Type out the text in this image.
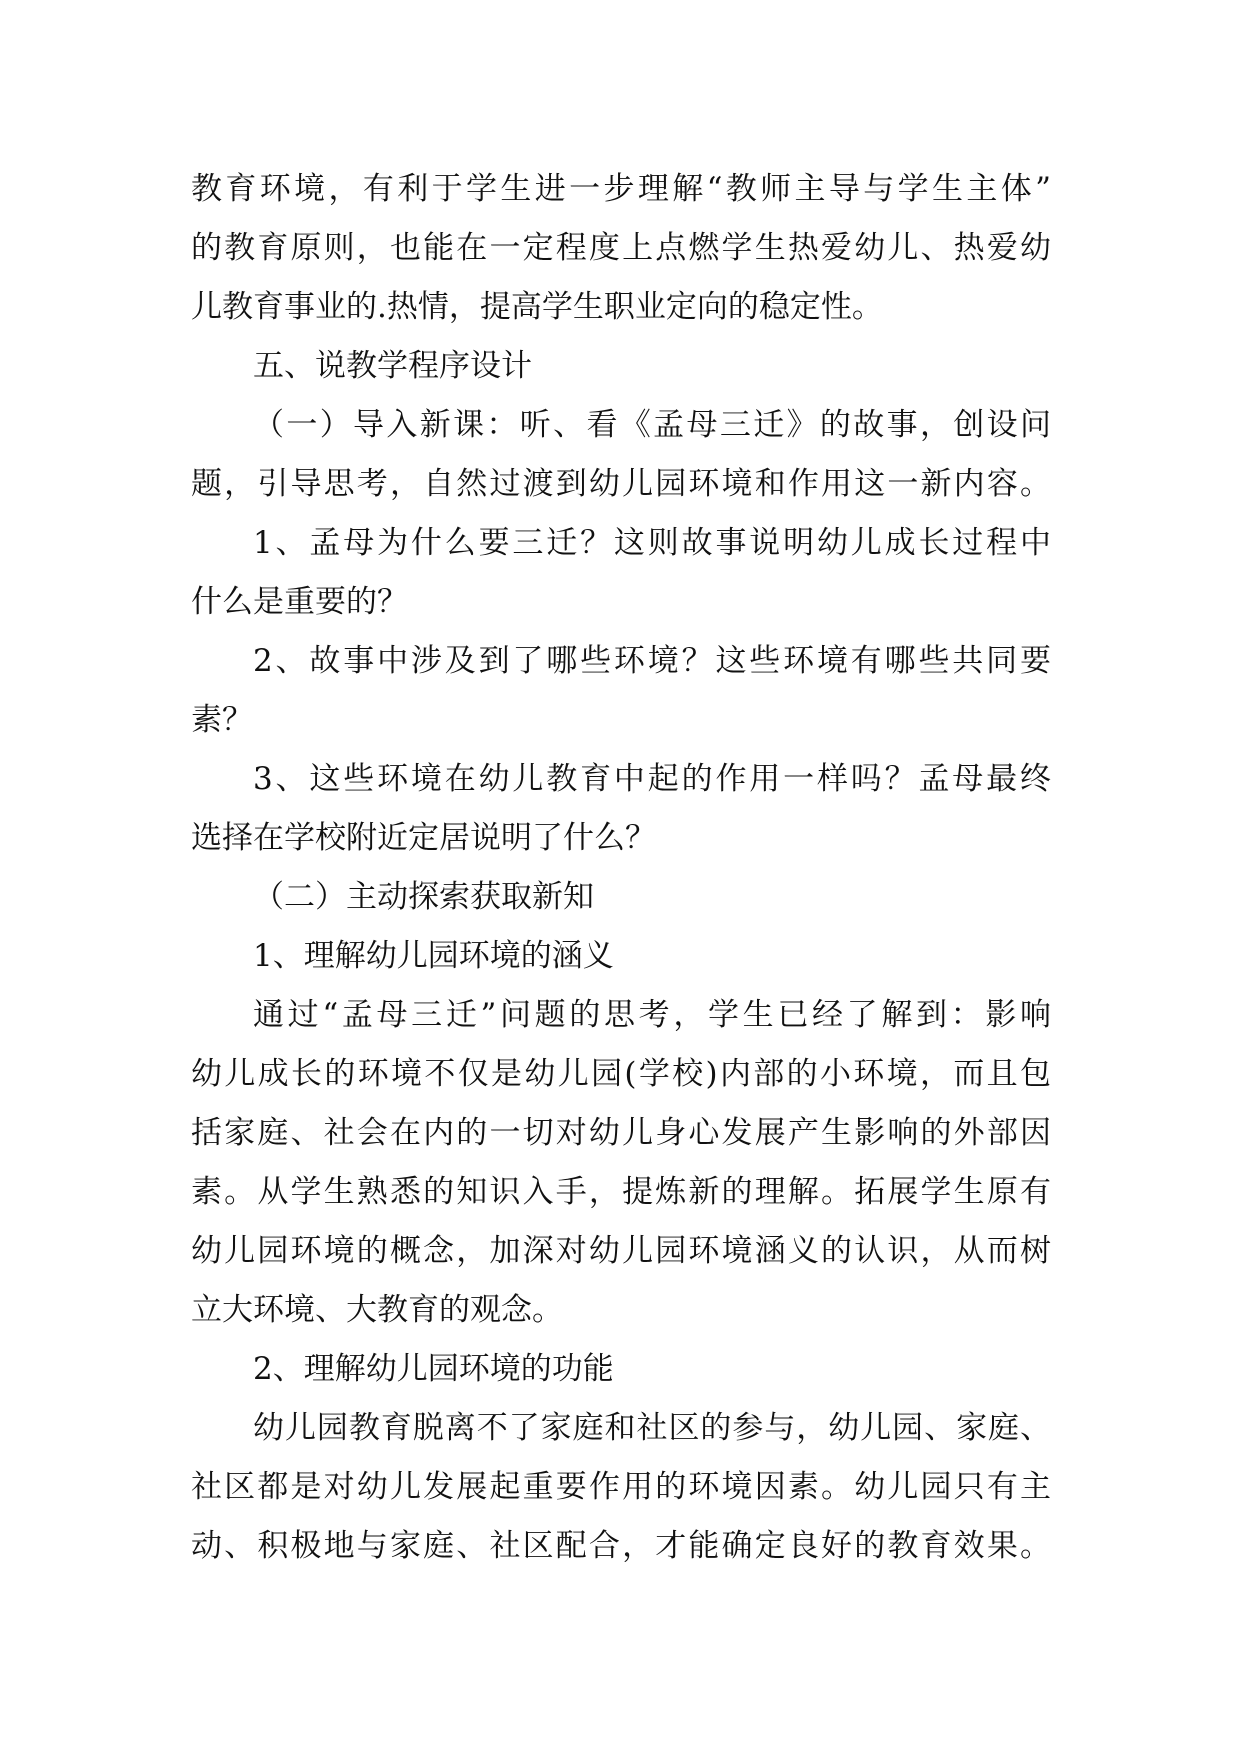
教育环境，有利于学生进一步理解“教师主导与学生主体”
的教育原则，也能在一定程度上点燃学生热爱幼儿、热爱幼
儿教育事业的.热情，提高学生职业定向的稳定性。
五、说教学程序设计
（一）导入新课：听、看《孟母三迁》的故事，创设问
题，引导思考，自然过渡到幼儿园环境和作用这一新内容。
1、孟母为什么要三迁？这则故事说明幼儿成长过程中
什么是重要的？
2、故事中涉及到了哪些环境？这些环境有哪些共同要
素？
3、这些环境在幼儿教育中起的作用一样吗？孟母最终
选择在学校附近定居说明了什么？
（二）主动探索获取新知
1、理解幼儿园环境的涵义
通过“孟母三迁”问题的思考，学生已经了解到：影响
幼儿成长的环境不仅是幼儿园(学校)内部的小环境，而且包
括家庭、社会在内的一切对幼儿身心发展产生影响的外部因
素。从学生熟悉的知识入手，提炼新的理解。拓展学生原有
幼儿园环境的概念，加深对幼儿园环境涵义的认识，从而树
立大环境、大教育的观念。
2、理解幼儿园环境的功能
幼儿园教育脱离不了家庭和社区的参与，幼儿园、家庭、
社区都是对幼儿发展起重要作用的环境因素。幼儿园只有主
动、积极地与家庭、社区配合，才能确定良好的教育效果。
